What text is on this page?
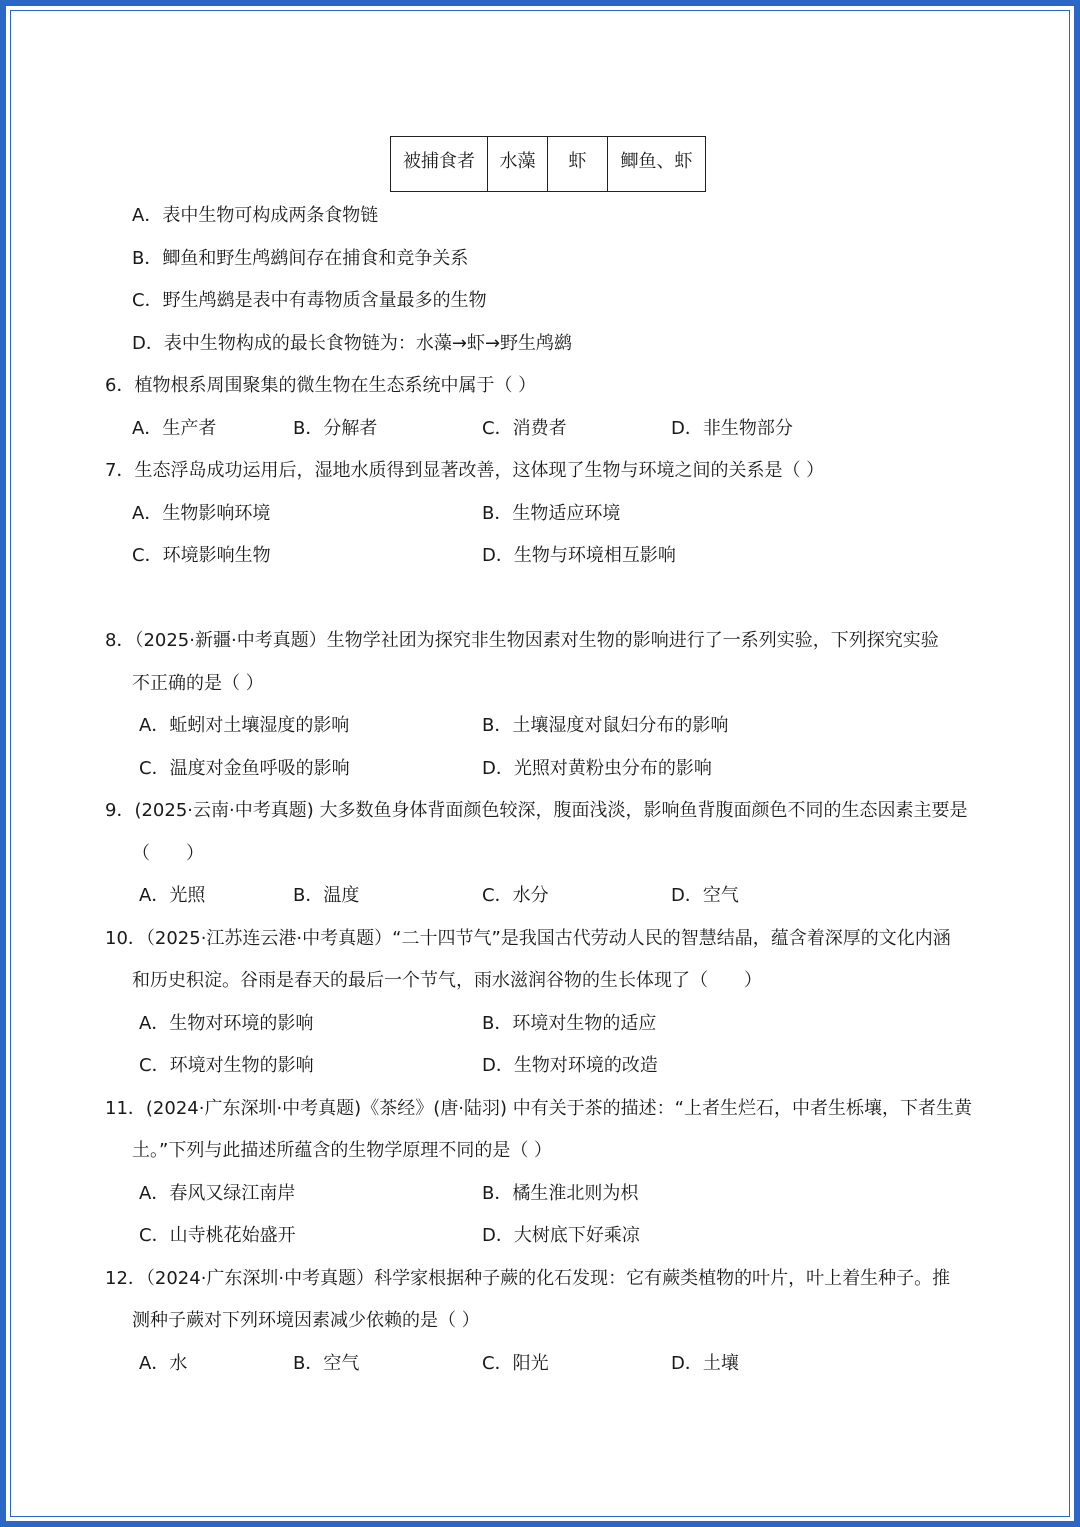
被捕食者	水藻	虾	鲫鱼、虾
A．表中生物可构成两条食物链
B．鲫鱼和野生鸬鹚间存在捕食和竞争关系
C．野生鸬鹚是表中有毒物质含量最多的生物
D．表中生物构成的最长食物链为：水藻→虾→野生鸬鹚
6．植物根系周围聚集的微生物在生态系统中属于（ ）
A．生产者	B．分解者	C．消费者	D．非生物部分
7．生态浮岛成功运用后，湿地水质得到显著改善，这体现了生物与环境之间的关系是（ ）
A．生物影响环境	B．生物适应环境
C．环境影响生物	D．生物与环境相互影响
8．（2025·新疆·中考真题）生物学社团为探究非生物因素对生物的影响进行了一系列实验，下列探究实验
不正确的是（ ）
A．蚯蚓对土壤湿度的影响	B．土壤湿度对鼠妇分布的影响
C．温度对金鱼呼吸的影响	D．光照对黄粉虫分布的影响
9．(2025·云南·中考真题) 大多数鱼身体背面颜色较深，腹面浅淡，影响鱼背腹面颜色不同的生态因素主要是
（　　）
A．光照	B．温度	C．水分	D．空气
10．（2025·江苏连云港·中考真题）“二十四节气”是我国古代劳动人民的智慧结晶，蕴含着深厚的文化内涵
和历史积淀。谷雨是春天的最后一个节气，雨水滋润谷物的生长体现了（　　）
A．生物对环境的影响	B．环境对生物的适应
C．环境对生物的影响	D．生物对环境的改造
11．(2024·广东深圳·中考真题)《茶经》(唐·陆羽) 中有关于茶的描述：“上者生烂石，中者生栎壤，下者生黄
土。”下列与此描述所蕴含的生物学原理不同的是（ ）
A．春风又绿江南岸	B．橘生淮北则为枳
C．山寺桃花始盛开	D．大树底下好乘凉
12．（2024·广东深圳·中考真题）科学家根据种子蕨的化石发现：它有蕨类植物的叶片，叶上着生种子。推
测种子蕨对下列环境因素减少依赖的是（ ）
A．水	B．空气	C．阳光	D．土壤
